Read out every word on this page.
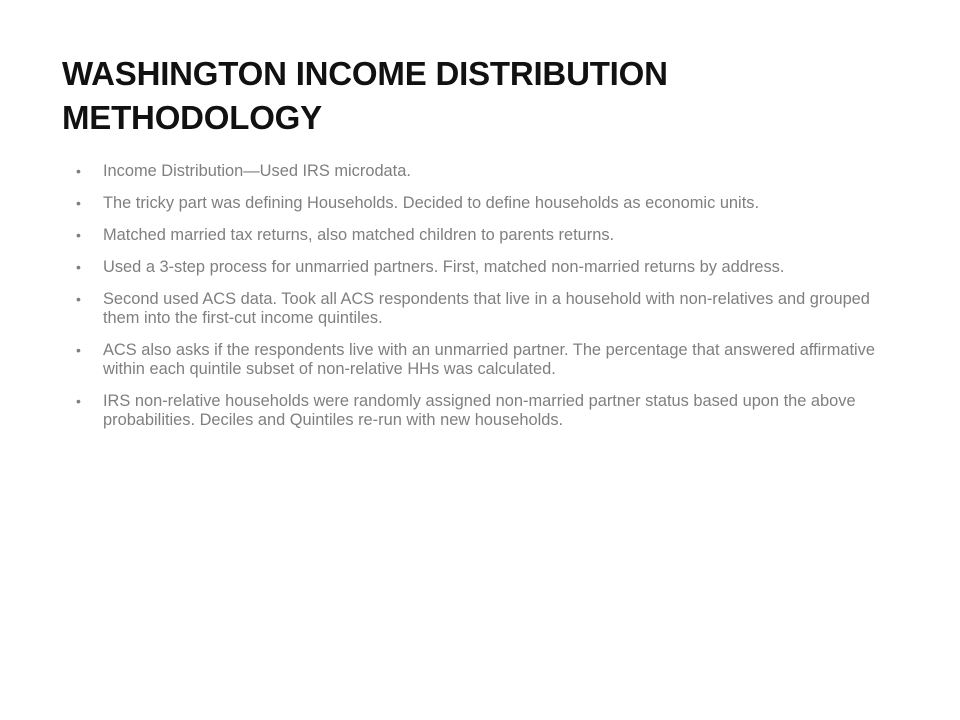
WASHINGTON INCOME DISTRIBUTION METHODOLOGY
•	Income Distribution—Used IRS microdata.
•	The tricky part was defining Households. Decided to define households as economic units.
•	Matched married tax returns, also matched children to parents returns.
•	Used a 3-step process for unmarried partners. First, matched non-married returns by address.
•	Second used ACS data. Took all ACS respondents that live in a household with non-relatives and grouped them into the first-cut income quintiles.
•	ACS also asks if the respondents live with an unmarried partner. The percentage that answered affirmative within each quintile subset of non-relative HHs was calculated.
•	IRS non-relative households were randomly assigned non-married partner status based upon the above probabilities. Deciles and Quintiles re-run with new households.
